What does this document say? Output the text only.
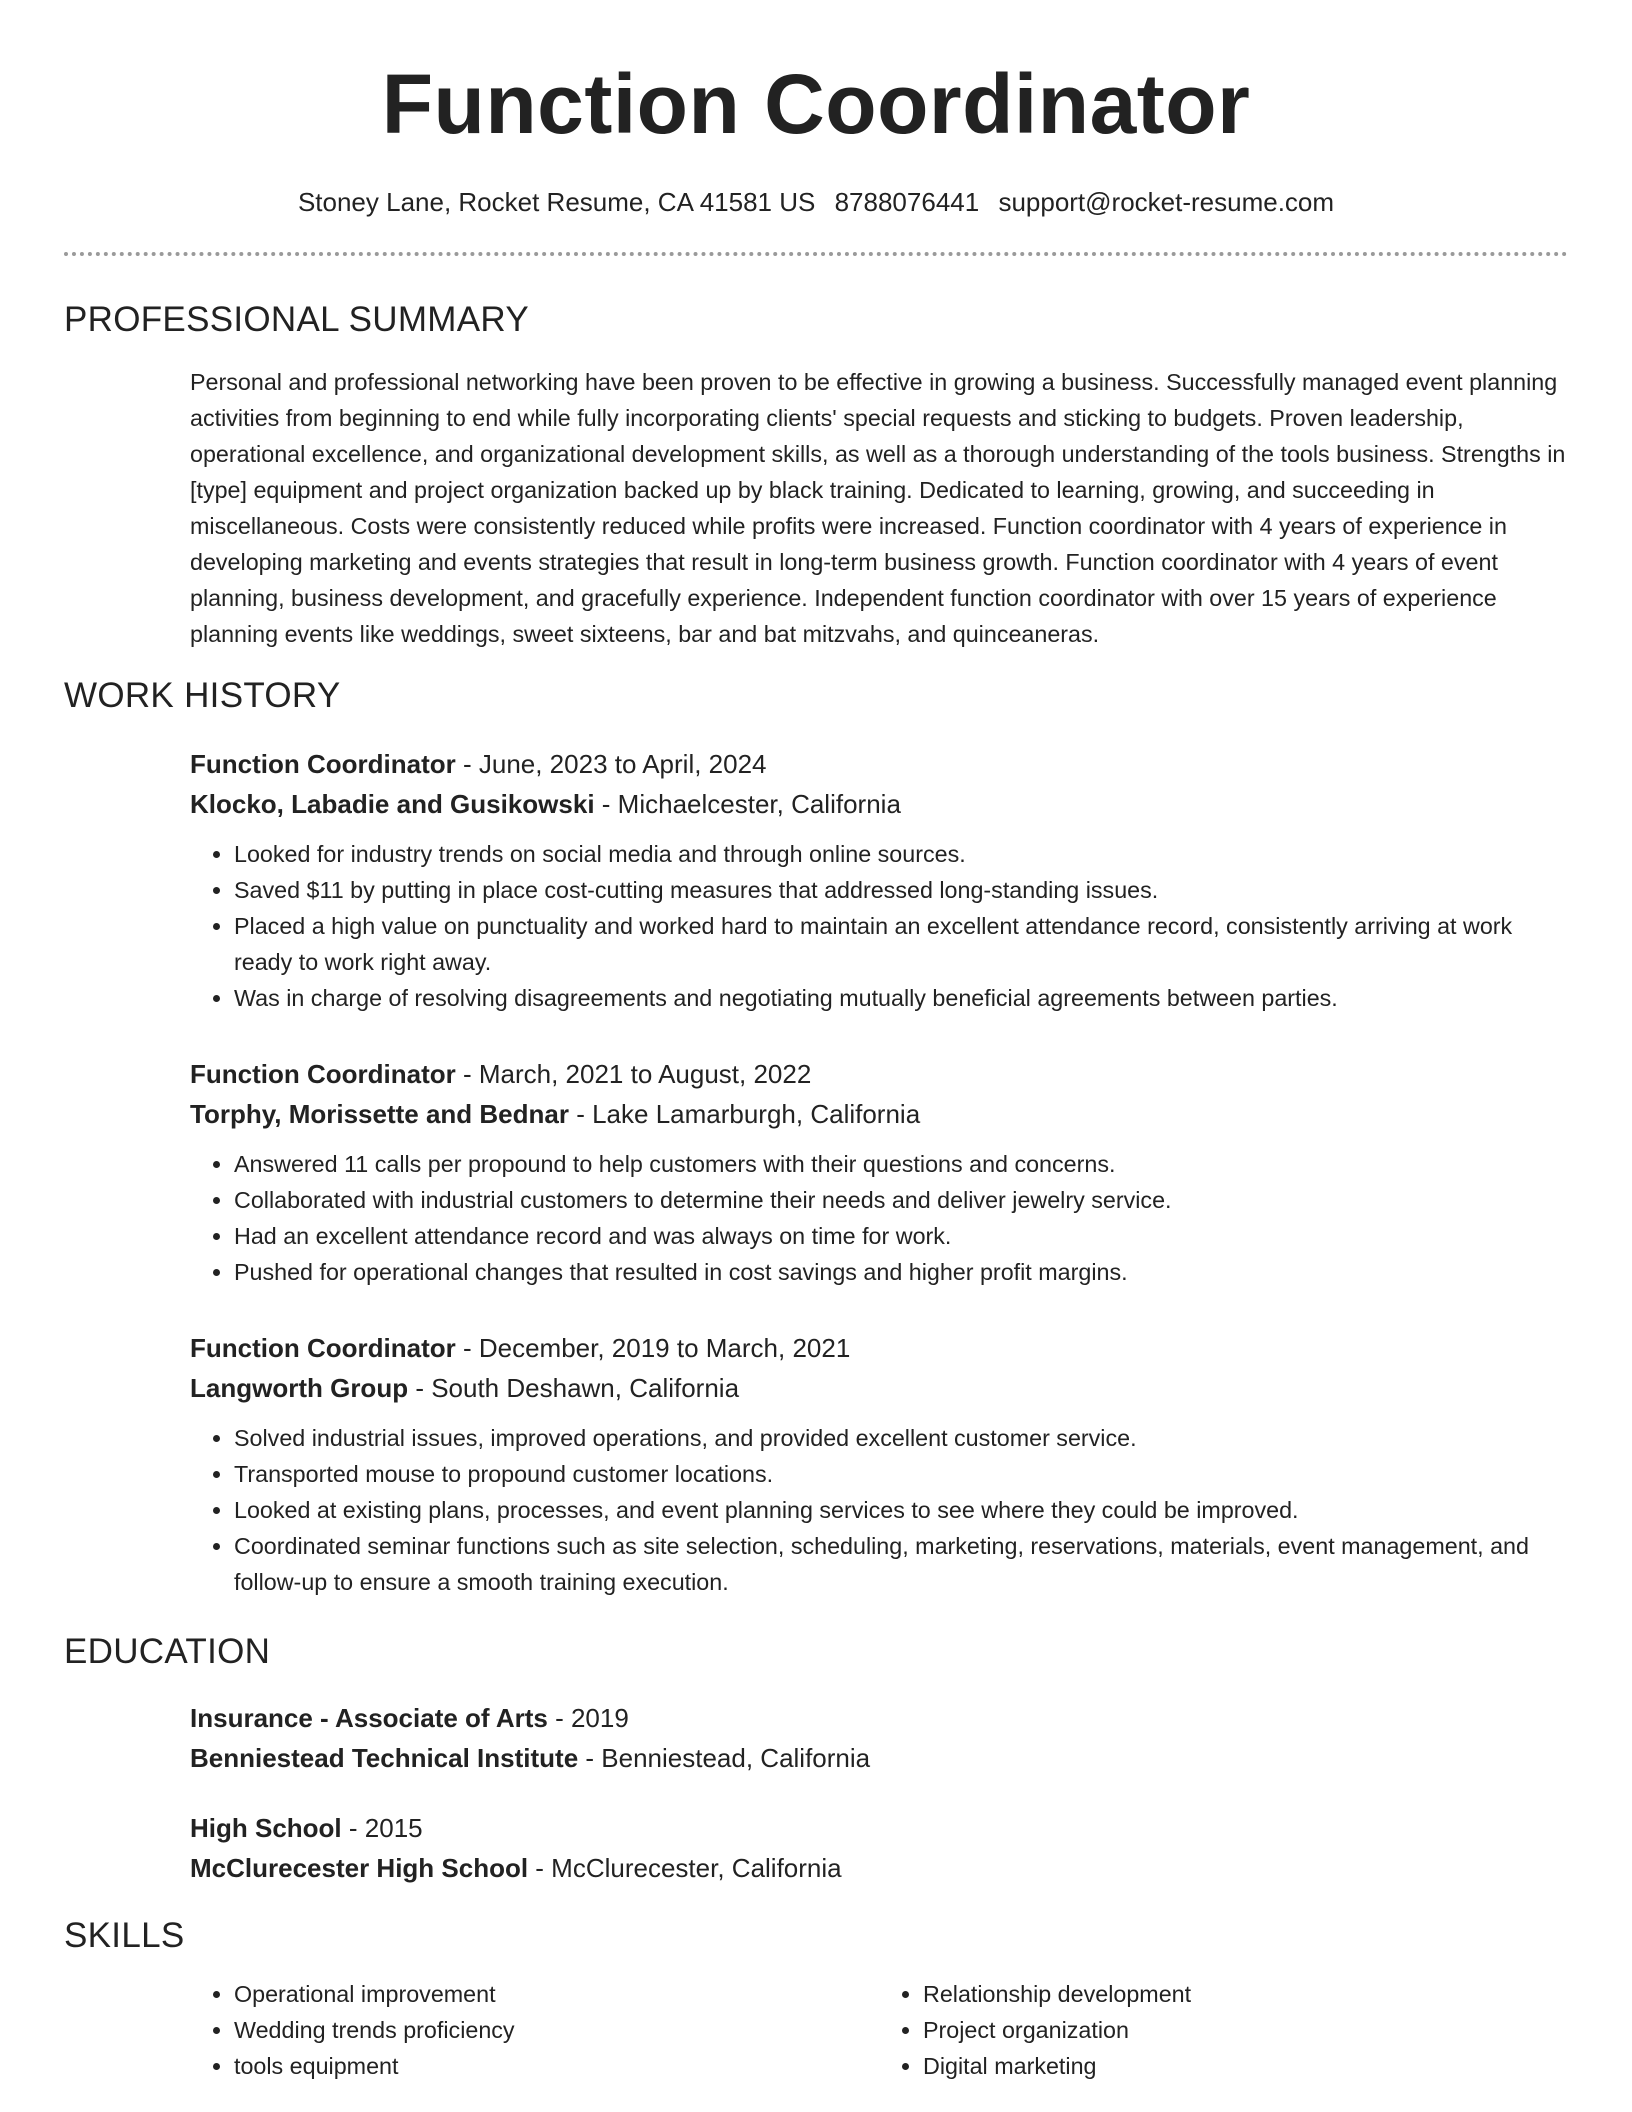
Function Coordinator
Stoney Lane, Rocket Resume, CA 41581 US 8788076441 support@rocket-resume.com
PROFESSIONAL SUMMARY

Personal and professional networking have been proven to be effective in growing a business. Successfully managed event planning activities from beginning to end while fully incorporating clients' special requests and sticking to budgets. Proven leadership, operational excellence, and organizational development skills, as well as a thorough understanding of the tools business. Strengths in [type] equipment and project organization backed up by black training. Dedicated to learning, growing, and succeeding in miscellaneous. Costs were consistently reduced while profits were increased. Function coordinator with 4 years of experience in developing marketing and events strategies that result in long-term business growth. Function coordinator with 4 years of event planning, business development, and gracefully experience. Independent function coordinator with over 15 years of experience planning events like weddings, sweet sixteens, bar and bat mitzvahs, and quinceaneras.

WORK HISTORY
Function Coordinator - June, 2023 to April, 2024
Klocko, Labadie and Gusikowski - Michaelcester, California
• Looked for industry trends on social media and through online sources.
• Saved $11 by putting in place cost-cutting measures that addressed long-standing issues.
• Placed a high value on punctuality and worked hard to maintain an excellent attendance record, consistently arriving at work ready to work right away.
• Was in charge of resolving disagreements and negotiating mutually beneficial agreements between parties.
Function Coordinator - March, 2021 to August, 2022
Torphy, Morissette and Bednar - Lake Lamarburgh, California
• Answered 11 calls per propound to help customers with their questions and concerns.
• Collaborated with industrial customers to determine their needs and deliver jewelry service.
• Had an excellent attendance record and was always on time for work.
• Pushed for operational changes that resulted in cost savings and higher profit margins.
Function Coordinator - December, 2019 to March, 2021
Langworth Group - South Deshawn, California
• Solved industrial issues, improved operations, and provided excellent customer service.
• Transported mouse to propound customer locations.
• Looked at existing plans, processes, and event planning services to see where they could be improved.
• Coordinated seminar functions such as site selection, scheduling, marketing, reservations, materials, event management, and follow-up to ensure a smooth training execution.
EDUCATION
Insurance - Associate of Arts - 2019
Benniestead Technical Institute - Benniestead, California
High School - 2015
McClurecester High School - McClurecester, California
SKILLS
• Operational improvement
• Wedding trends proficiency
• tools equipment
• Relationship development
• Project organization
• Digital marketing
